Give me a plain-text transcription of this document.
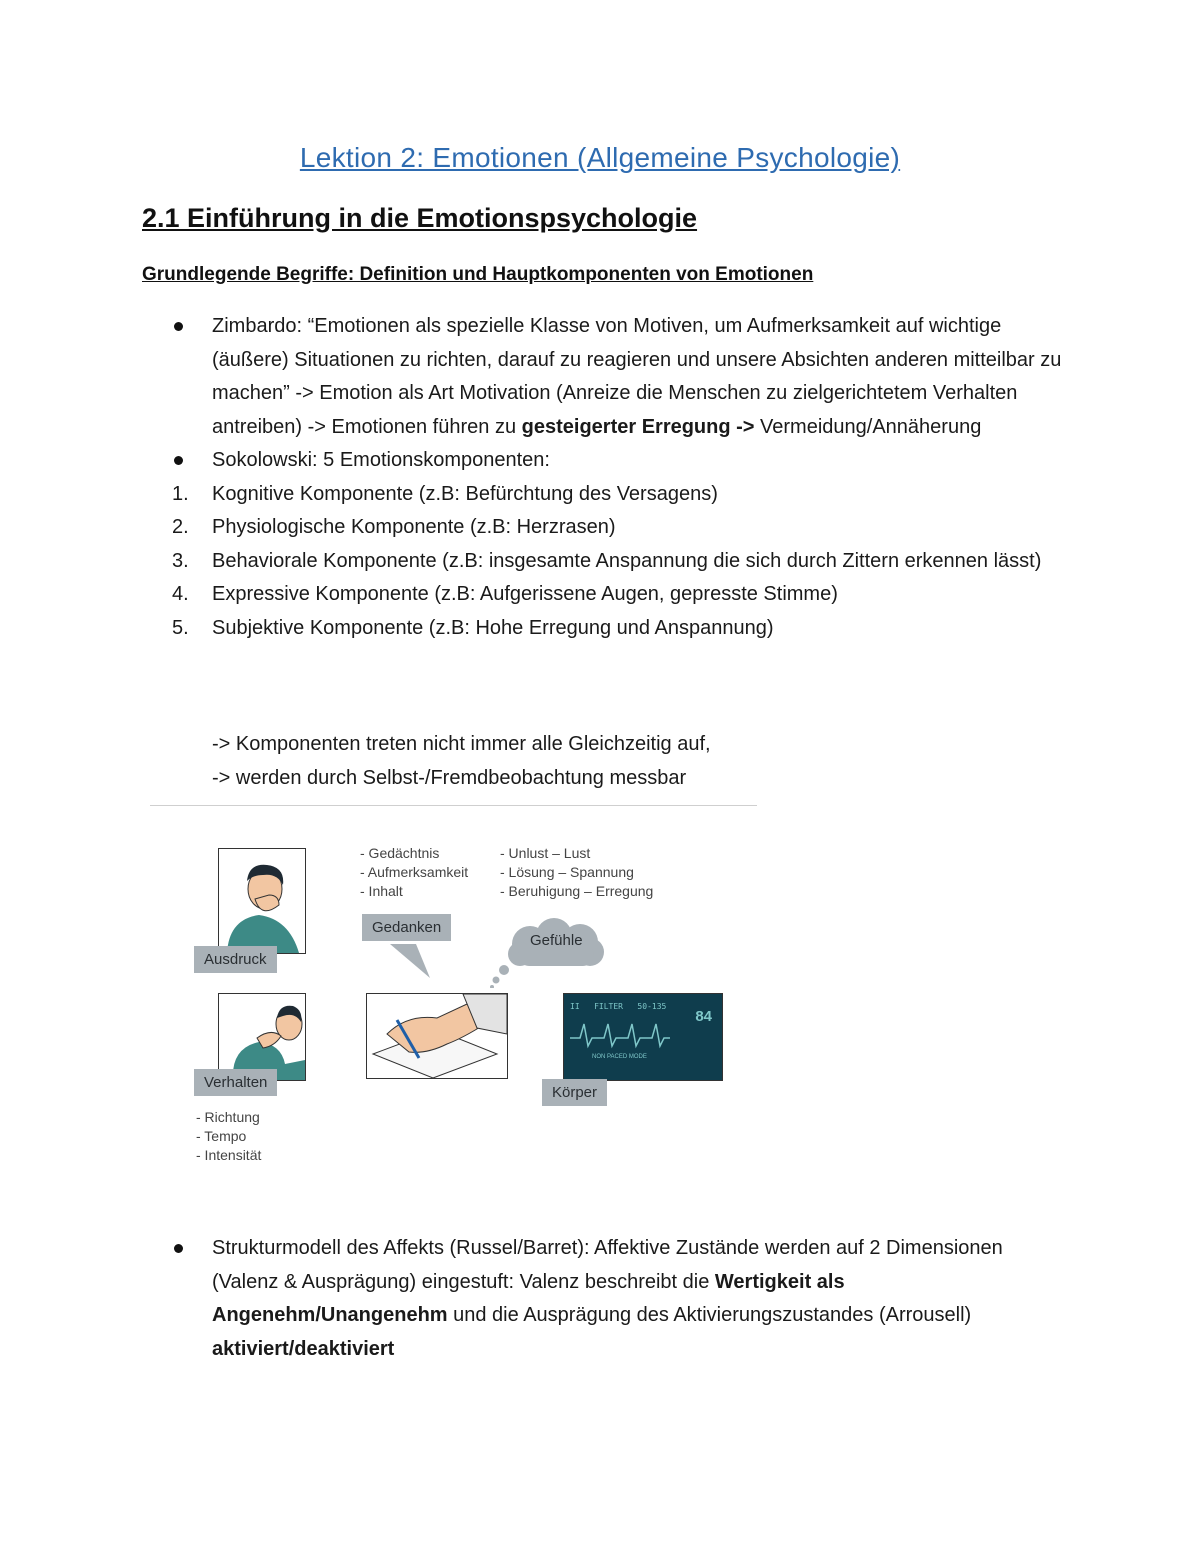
Lektion 2: Emotionen (Allgemeine Psychologie)
2.1 Einführung in die Emotionspsychologie
Grundlegende Begriffe: Definition und Hauptkomponenten von Emotionen
Zimbardo: “Emotionen als spezielle Klasse von Motiven, um Aufmerksamkeit auf wichtige (äußere) Situationen zu richten, darauf zu reagieren und unsere Absichten anderen mitteilbar zu machen” -> Emotion als Art Motivation (Anreize die Menschen zu zielgerichtetem Verhalten antreiben) -> Emotionen führen zu gesteigerter Erregung -> Vermeidung/Annäherung
Sokolowski: 5 Emotionskomponenten:
1. Kognitive Komponente (z.B: Befürchtung des Versagens)
2. Physiologische Komponente (z.B: Herzrasen)
3. Behaviorale Komponente (z.B: insgesamte Anspannung die sich durch Zittern erkennen lässt)
4. Expressive Komponente (z.B: Aufgerissene Augen, gepresste Stimme)
5. Subjektive Komponente (z.B: Hohe Erregung und Anspannung)
-> Komponenten treten nicht immer alle Gleichzeitig auf,
-> werden durch Selbst-/Fremdbeobachtung messbar
Ausdruck
Verhalten
- Richtung
- Tempo
- Intensität
- Gedächtnis
- Aufmerksamkeit
- Inhalt
Gedanken
- Unlust – Lust
- Lösung – Spannung
- Beruhigung – Erregung
Gefühle
II   FILTER   50-135
84
NON PACED MODE
Körper
Strukturmodell des Affekts (Russel/Barret): Affektive Zustände werden auf 2 Dimensionen (Valenz & Ausprägung) eingestuft: Valenz beschreibt die Wertigkeit als Angenehm/Unangenehm und die Ausprägung des Aktivierungszustandes (Arrousell) aktiviert/deaktiviert
